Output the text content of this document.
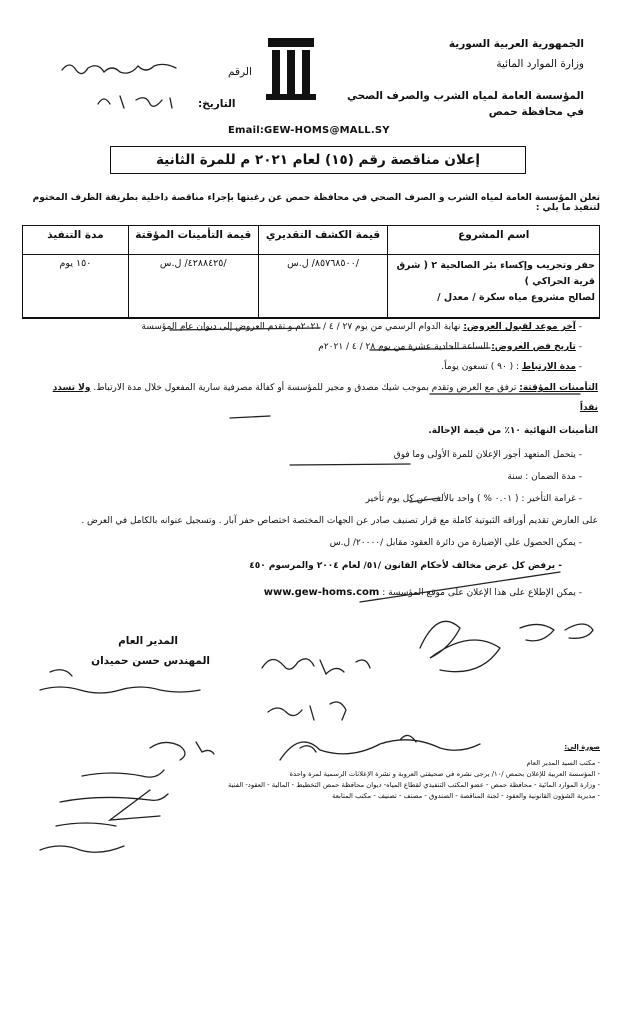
الجمهورية العربية السورية
وزارة الموارد المائية
المؤسسة العامة لمياه الشرب والصرف الصحي
في محافظة حمص
الرقم
التاريخ:
Email:GEW-HOMS@MALL.SY
إعلان مناقصة رقم (١٥) لعام ٢٠٢١ م للمرة الثانية
تعلن المؤسسة العامة لمياه الشرب و الصرف الصحي في محافظة حمص عن رغبتها بإجراء مناقصة داخلية بطريقة الظرف المختوم لتنفيذ ما يلي :
اسم المشروع	قيمة الكشف التقديري	قيمة التأمينات المؤقتة	مدة التنفيذ

حفر وتجريب وإكساء بئر الصالحية ٢ ( شرق قرية الحراكي )
لصالح مشروع مياه سكرة / معدل /	/٨٥٧٦٨٥٠٠/ ل.س	/٤٢٨٨٤٢٥/ ل.س	١٥٠ يوم
- آخر موعد لقبول العروض: نهاية الدوام الرسمي من يوم ٢٧ / ٤ / ٢٠٢١م و تقدم العروض إلى ديوان عام المؤسسة
- تاريخ فض العروض: الساعة الحادية عشرة من يوم ٢٨ / ٤ / ٢٠٢١م
- مدة الارتباط : ( ٩٠ ) تسعون يوماً.
التأمينات المؤقتة: ترفق مع العرض وتقدم بموجب شيك مصدق و مجير للمؤسسة أو كفالة مصرفية سارية المفعول خلال مدة الارتباط. ولا تسدد
نقداً
التأمينات النهائية ١٠٪ من قيمة الإحالة.
- يتحمل المتعهد أجور الإعلان للمرة الأولى وما فوق
- مدة الضمان : سنة
- غرامة التأخير : ( ٠.٠١ % ) واحد بالألف عن كل يوم تأخير
على العارض تقديم أوراقه الثبوتية كاملة مع قرار تصنيف صادر عن الجهات المختصة اختصاص حفر آبار . وتسجيل عنوانه بالكامل في العرض .
- يمكن الحصول على الإضبارة من دائرة العقود مقابل /٢٠٠٠٠/ ل.س
- يرفض كل عرض مخالف لأحكام القانون /٥١/ لعام ٢٠٠٤ والمرسوم ٤٥٠
- يمكن الإطلاع على هذا الإعلان على موقع المؤسسة : www.gew-homs.com
المدير العام
المهندس حسن حميدان
صورة إلى:
- مكتب السيد المدير العام
- المؤسسة العربية للإعلان بحمص /١٠/ يرجى نشره في صحيفتي العروبة و نشرة الإعلانات الرسمية لمرة واحدة
- وزارة الموارد المائية - محافظة حمص - عضو المكتب التنفيذي لقطاع المياه- ديوان محافظة حمص التخطيط - المالية - العقود- الفنية
- مديرية الشؤون القانونية والعقود - لجنة المناقصة - الصندوق - مصنف - تصنيف - مكتب المتابعة
